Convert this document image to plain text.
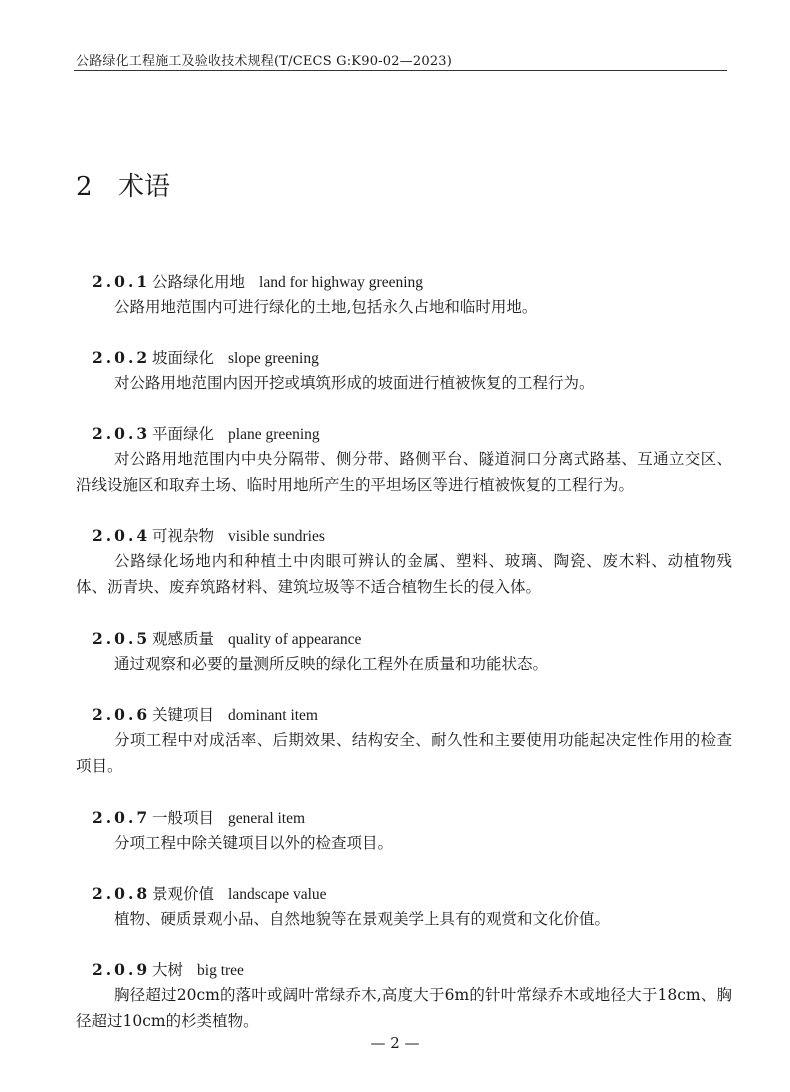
公路绿化工程施工及验收技术规程(T/CECS G:K90-02—2023)
2 术语
2.0.1 公路绿化用地 land for highway greening
公路用地范围内可进行绿化的土地,包括永久占地和临时用地。
2.0.2 坡面绿化 slope greening
对公路用地范围内因开挖或填筑形成的坡面进行植被恢复的工程行为。
2.0.3 平面绿化 plane greening
对公路用地范围内中央分隔带、侧分带、路侧平台、隧道洞口分离式路基、互通立交区、沿线设施区和取弃土场、临时用地所产生的平坦场区等进行植被恢复的工程行为。
2.0.4 可视杂物 visible sundries
公路绿化场地内和种植土中肉眼可辨认的金属、塑料、玻璃、陶瓷、废木料、动植物残体、沥青块、废弃筑路材料、建筑垃圾等不适合植物生长的侵入体。
2.0.5 观感质量 quality of appearance
通过观察和必要的量测所反映的绿化工程外在质量和功能状态。
2.0.6 关键项目 dominant item
分项工程中对成活率、后期效果、结构安全、耐久性和主要使用功能起决定性作用的检查项目。
2.0.7 一般项目 general item
分项工程中除关键项目以外的检查项目。
2.0.8 景观价值 landscape value
植物、硬质景观小品、自然地貌等在景观美学上具有的观赏和文化价值。
2.0.9 大树 big tree
胸径超过20cm的落叶或阔叶常绿乔木,高度大于6m的针叶常绿乔木或地径大于18cm、胸径超过10cm的杉类植物。
— 2 —
